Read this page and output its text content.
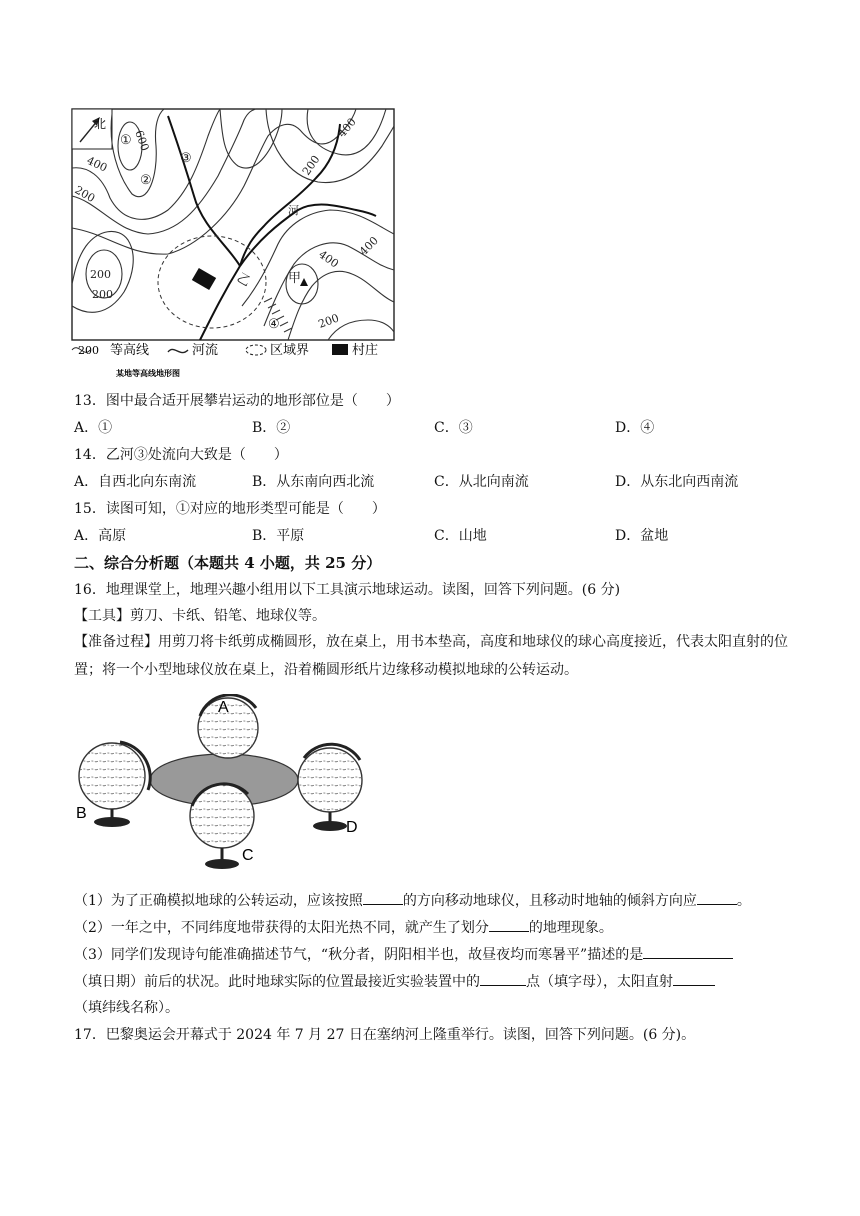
北
600
400
200
400
200
400
200
400
200
200
①
②
③
④
甲
乙
河
200 等高线	河流	区域界	村庄
某地等高线地形图
13．图中最合适开展攀岩运动的地形部位是（　　）
A．①	B．②	C．③	D．④
14．乙河③处流向大致是（　　）
A．自西北向东南流	B．从东南向西北流	C．从北向南流	D．从东北向西南流
15．读图可知，①对应的地形类型可能是（　　）
A．高原	B．平原	C．山地	D．盆地
二、综合分析题（本题共 4 小题，共 25 分）
16．地理课堂上，地理兴趣小组用以下工具演示地球运动。读图，回答下列问题。(6 分)
【工具】剪刀、卡纸、铅笔、地球仪等。
【准备过程】用剪刀将卡纸剪成椭圆形，放在桌上，用书本垫高，高度和地球仪的球心高度接近，代表太阳直射的位置；将一个小型地球仪放在桌上，沿着椭圆形纸片边缘移动模拟地球的公转运动。
A
B
D
C
（1）为了正确模拟地球的公转运动，应该按照	的方向移动地球仪，且移动时地轴的倾斜方向应	。
（2）一年之中，不同纬度地带获得的太阳光热不同，就产生了划分	的地理现象。
（3）同学们发现诗句能准确描述节气，“秋分者，阴阳相半也，故昼夜均而寒暑平”描述的是
（填日期）前后的状况。此时地球实际的位置最接近实验装置中的	点（填字母），太阳直射
（填纬线名称）。
17．巴黎奥运会开幕式于 2024 年 7 月 27 日在塞纳河上隆重举行。读图，回答下列问题。(6 分)。
